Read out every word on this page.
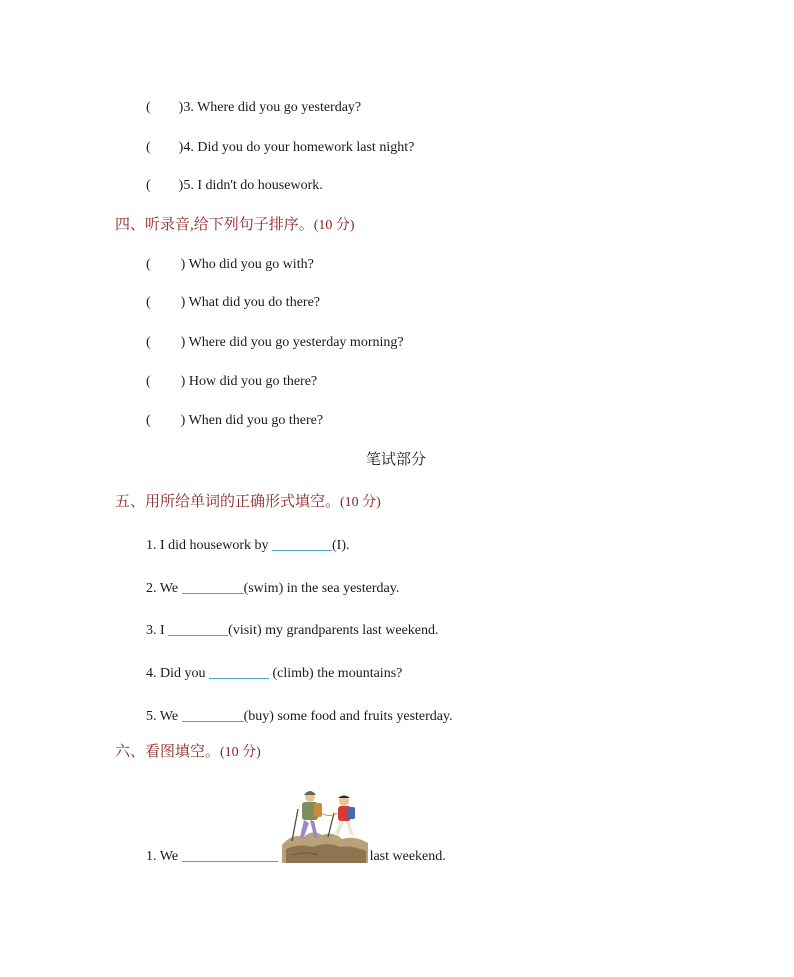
( )3. Where did you go yesterday?
( )4. Did you do your homework last night?
( )5. I didn't do housework.
四、听录音,给下列句子排序。(10 分)
( ) Who did you go with?
( ) What did you do there?
( ) Where did you go yesterday morning?
( ) How did you go there?
( ) When did you go there?
笔试部分
五、用所给单词的正确形式填空。(10 分)
1. I did housework by	(I).
2. We	(swim) in the sea yesterday.
3. I	(visit) my grandparents last weekend.
4. Did you	(climb) the mountains?
5. We	(buy) some food and fruits yesterday.
六、看图填空。(10 分)
1. We	last weekend.
